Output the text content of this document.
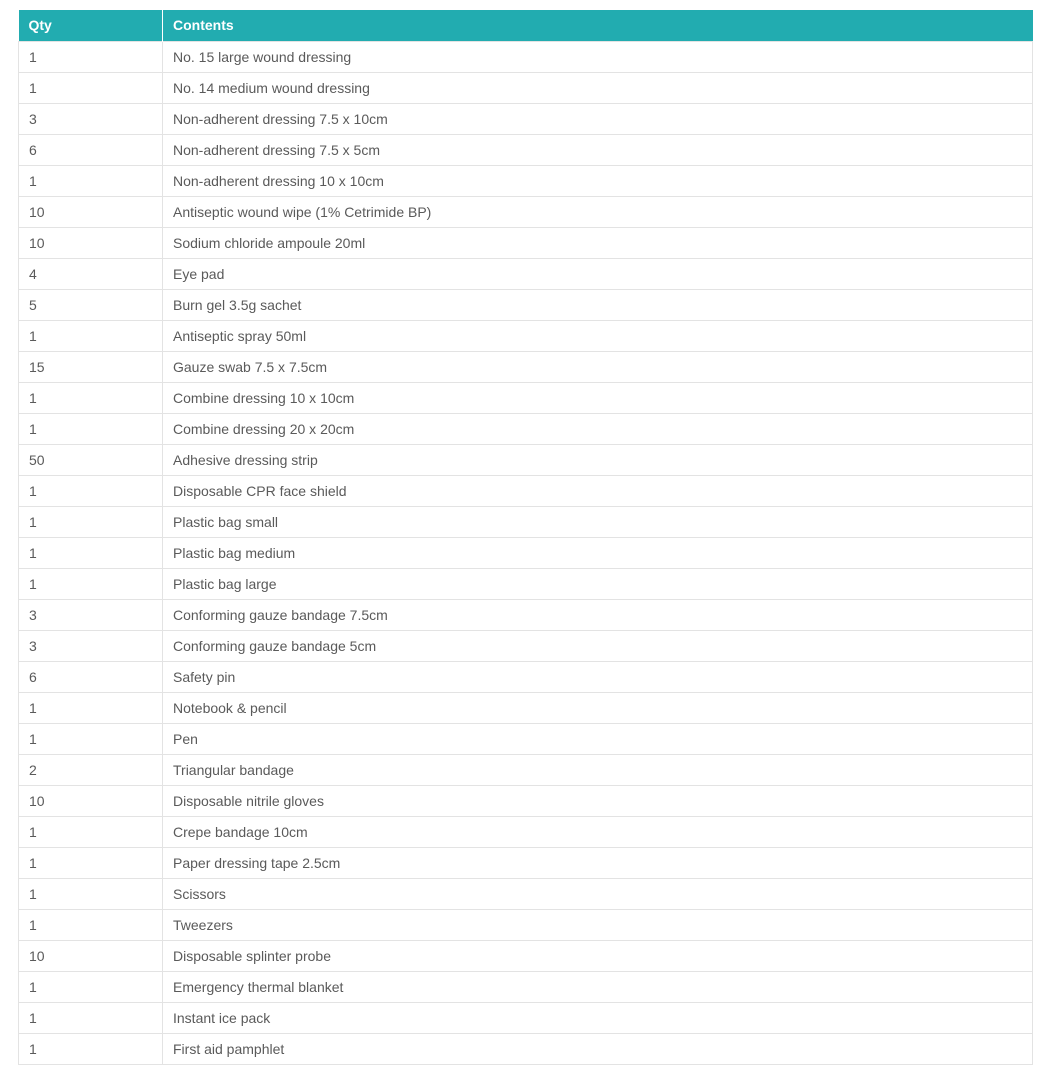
Qty	Contents
1	No. 15 large wound dressing
1	No. 14 medium wound dressing
3	Non-adherent dressing 7.5 x 10cm
6	Non-adherent dressing 7.5 x 5cm
1	Non-adherent dressing 10 x 10cm
10	Antiseptic wound wipe (1% Cetrimide BP)
10	Sodium chloride ampoule 20ml
4	Eye pad
5	Burn gel 3.5g sachet
1	Antiseptic spray 50ml
15	Gauze swab 7.5 x 7.5cm
1	Combine dressing 10 x 10cm
1	Combine dressing 20 x 20cm
50	Adhesive dressing strip
1	Disposable CPR face shield
1	Plastic bag small
1	Plastic bag medium
1	Plastic bag large
3	Conforming gauze bandage 7.5cm
3	Conforming gauze bandage 5cm
6	Safety pin
1	Notebook & pencil
1	Pen
2	Triangular bandage
10	Disposable nitrile gloves
1	Crepe bandage 10cm
1	Paper dressing tape 2.5cm
1	Scissors
1	Tweezers
10	Disposable splinter probe
1	Emergency thermal blanket
1	Instant ice pack
1	First aid pamphlet
